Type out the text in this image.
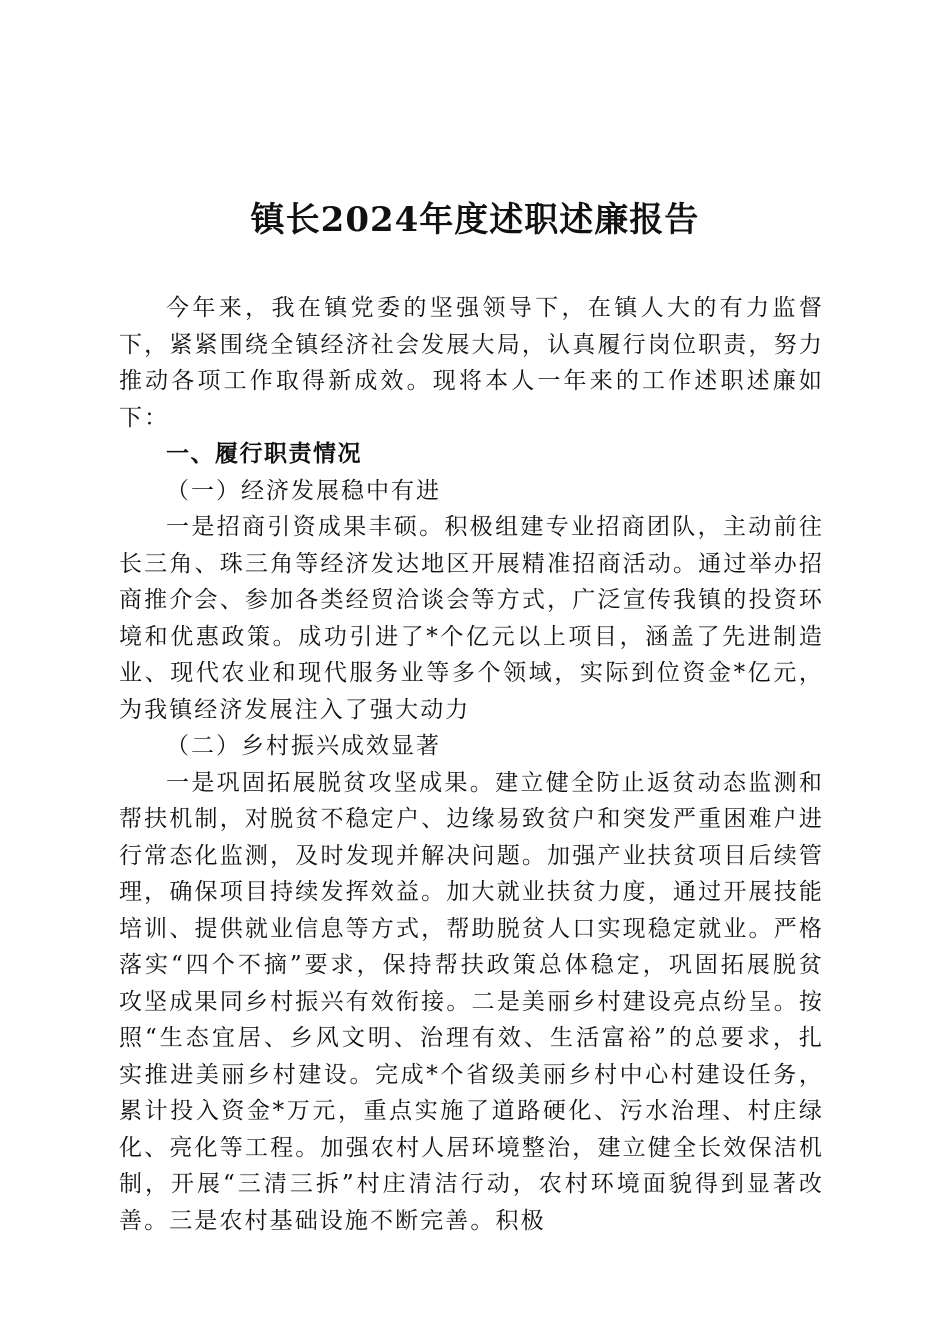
镇长2024年度述职述廉报告

今年来，我在镇党委的坚强领导下，在镇人大的有力监督下，紧紧围绕全镇经济社会发展大局，认真履行岗位职责，努力推动各项工作取得新成效。现将本人一年来的工作述职述廉如下：

一、履行职责情况

（一）经济发展稳中有进

一是招商引资成果丰硕。积极组建专业招商团队，主动前往长三角、珠三角等经济发达地区开展精准招商活动。通过举办招商推介会、参加各类经贸洽谈会等方式，广泛宣传我镇的投资环境和优惠政策。成功引进了*个亿元以上项目，涵盖了先进制造业、现代农业和现代服务业等多个领域，实际到位资金*亿元，为我镇经济发展注入了强大动力

（二）乡村振兴成效显著

一是巩固拓展脱贫攻坚成果。建立健全防止返贫动态监测和帮扶机制，对脱贫不稳定户、边缘易致贫户和突发严重困难户进行常态化监测，及时发现并解决问题。加强产业扶贫项目后续管理，确保项目持续发挥效益。加大就业扶贫力度，通过开展技能培训、提供就业信息等方式，帮助脱贫人口实现稳定就业。严格落实“四个不摘”要求，保持帮扶政策总体稳定，巩固拓展脱贫攻坚成果同乡村振兴有效衔接。二是美丽乡村建设亮点纷呈。按照“生态宜居、乡风文明、治理有效、生活富裕”的总要求，扎实推进美丽乡村建设。完成*个省级美丽乡村中心村建设任务，累计投入资金*万元，重点实施了道路硬化、污水治理、村庄绿化、亮化等工程。加强农村人居环境整治，建立健全长效保洁机制，开展“三清三拆”村庄清洁行动，农村环境面貌得到显著改善。三是农村基础设施不断完善。积极
